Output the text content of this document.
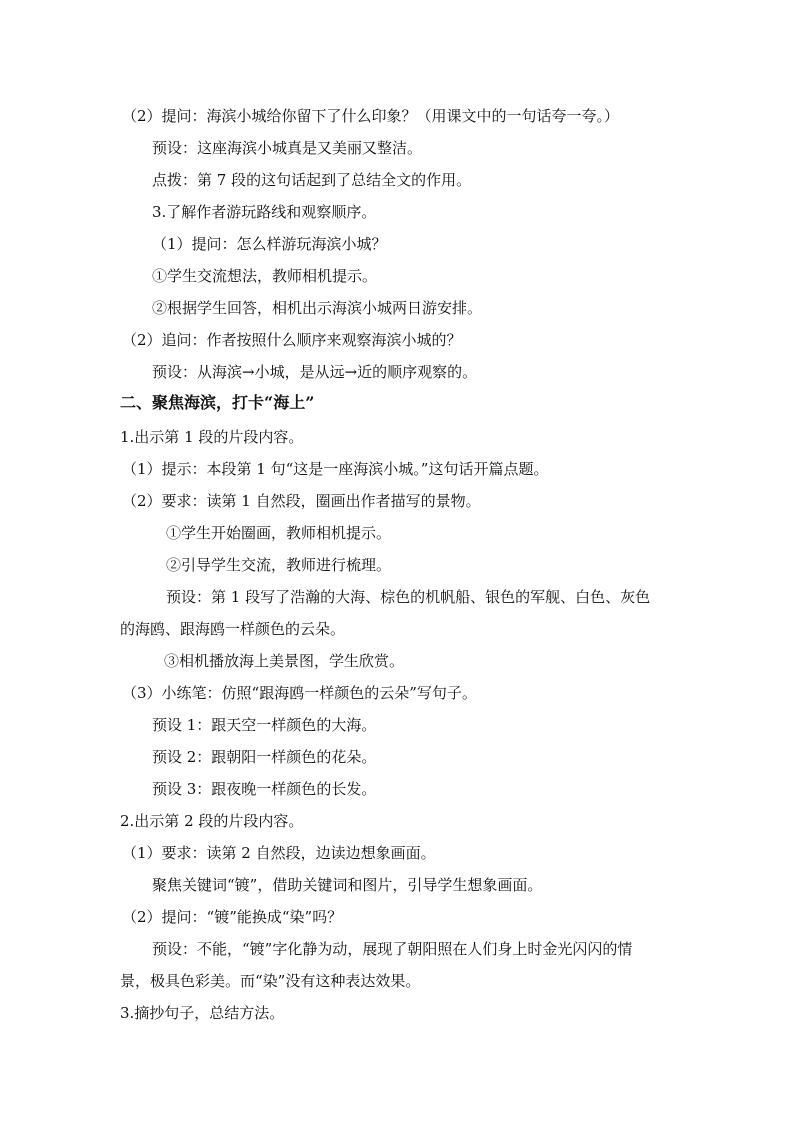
（2）提问：海滨小城给你留下了什么印象？（用课文中的一句话夸一夸。）
预设：这座海滨小城真是又美丽又整洁。
点拨：第 7 段的这句话起到了总结全文的作用。
3.了解作者游玩路线和观察顺序。
（1）提问：怎么样游玩海滨小城？
①学生交流想法，教师相机提示。
②根据学生回答，相机出示海滨小城两日游安排。
（2）追问：作者按照什么顺序来观察海滨小城的？
预设：从海滨→小城，是从远→近的顺序观察的。
二、聚焦海滨，打卡“海上”
1.出示第 1 段的片段内容。
（1）提示：本段第 1 句“这是一座海滨小城。”这句话开篇点题。
（2）要求：读第 1 自然段，圈画出作者描写的景物。
①学生开始圈画，教师相机提示。
②引导学生交流，教师进行梳理。
预设：第 1 段写了浩瀚的大海、棕色的机帆船、银色的军舰、白色、灰色
的海鸥、跟海鸥一样颜色的云朵。
③相机播放海上美景图，学生欣赏。
（3）小练笔：仿照“跟海鸥一样颜色的云朵”写句子。
预设 1：跟天空一样颜色的大海。
预设 2：跟朝阳一样颜色的花朵。
预设 3：跟夜晚一样颜色的长发。
2.出示第 2 段的片段内容。
（1）要求：读第 2 自然段，边读边想象画面。
聚焦关键词“镀”，借助关键词和图片，引导学生想象画面。
（2）提问：“镀”能换成“染”吗？
预设：不能，“镀”字化静为动，展现了朝阳照在人们身上时金光闪闪的情
景，极具色彩美。而“染”没有这种表达效果。
3.摘抄句子，总结方法。
